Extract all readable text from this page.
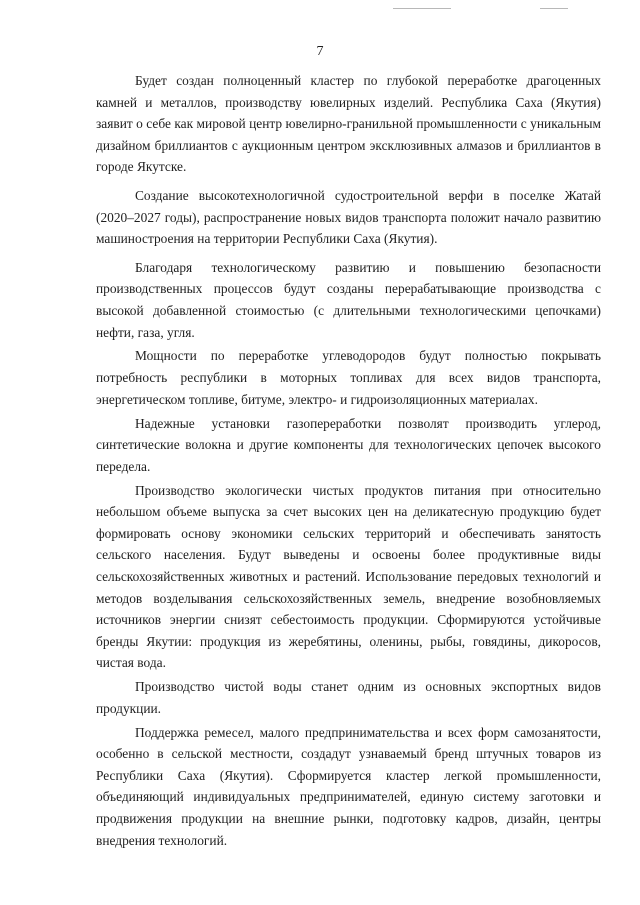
7

Будет создан полноценный кластер по глубокой переработке драгоценных камней и металлов, производству ювелирных изделий. Республика Саха (Якутия) заявит о себе как мировой центр ювелирно-гранильной промышленности с уникальным дизайном бриллиантов с аукционным центром эксклюзивных алмазов и бриллиантов в городе Якутске.

Создание высокотехнологичной судостроительной верфи в поселке Жатай (2020–2027 годы), распространение новых видов транспорта положит начало развитию машиностроения на территории Республики Саха (Якутия).

Благодаря технологическому развитию и повышению безопасности производственных процессов будут созданы перерабатывающие производства с высокой добавленной стоимостью (с длительными технологическими цепочками) нефти, газа, угля.

Мощности по переработке углеводородов будут полностью покрывать потребность республики в моторных топливах для всех видов транспорта, энергетическом топливе, битуме, электро- и гидроизоляционных материалах.

Надежные установки газопереработки позволят производить углерод, синтетические волокна и другие компоненты для технологических цепочек высокого передела.

Производство экологически чистых продуктов питания при относительно небольшом объеме выпуска за счет высоких цен на деликатесную продукцию будет формировать основу экономики сельских территорий и обеспечивать занятость сельского населения. Будут выведены и освоены более продуктивные виды сельскохозяйственных животных и растений. Использование передовых технологий и методов возделывания сельскохозяйственных земель, внедрение возобновляемых источников энергии снизят себестоимость продукции. Сформируются устойчивые бренды Якутии: продукция из жеребятины, оленины, рыбы, говядины, дикоросов, чистая вода.

Производство чистой воды станет одним из основных экспортных видов продукции.

Поддержка ремесел, малого предпринимательства и всех форм самозанятости, особенно в сельской местности, создадут узнаваемый бренд штучных товаров из Республики Саха (Якутия). Сформируется кластер легкой промышленности, объединяющий индивидуальных предпринимателей, единую систему заготовки и продвижения продукции на внешние рынки, подготовку кадров, дизайн, центры внедрения технологий.
